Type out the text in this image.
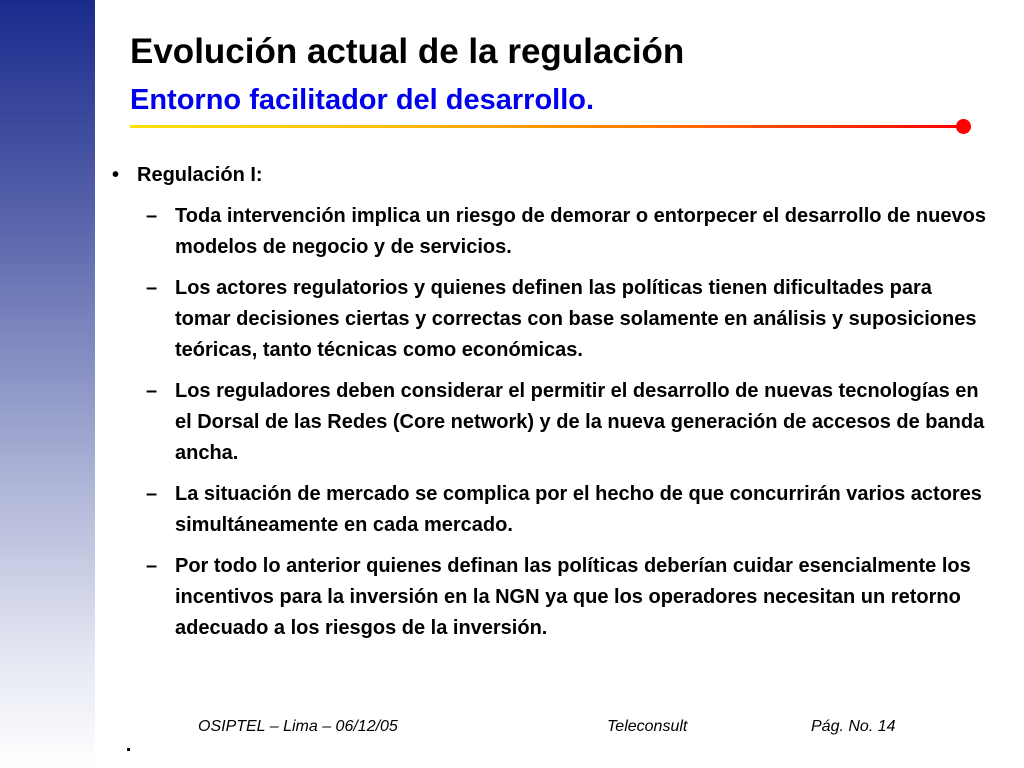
Evolución actual de la regulación
Entorno facilitador del desarrollo.
• Regulación I:
– Toda intervención implica un riesgo de demorar o entorpecer el desarrollo de nuevos modelos de negocio y de servicios.
– Los actores regulatorios y quienes definen las políticas tienen dificultades para tomar decisiones ciertas y correctas con base solamente en análisis y suposiciones teóricas, tanto técnicas como económicas.
– Los reguladores deben considerar el permitir el desarrollo de nuevas tecnologías en el Dorsal de las Redes (Core network) y de la nueva generación de accesos de banda ancha.
– La situación de mercado se complica por el hecho de que concurrirán varios actores simultáneamente en cada mercado.
– Por todo lo anterior quienes definan las políticas deberían cuidar esencialmente los incentivos para la inversión en la NGN ya que los operadores necesitan un retorno adecuado a los riesgos de la inversión.
OSIPTEL – Lima – 06/12/05	Teleconsult	Pág. No. 14
